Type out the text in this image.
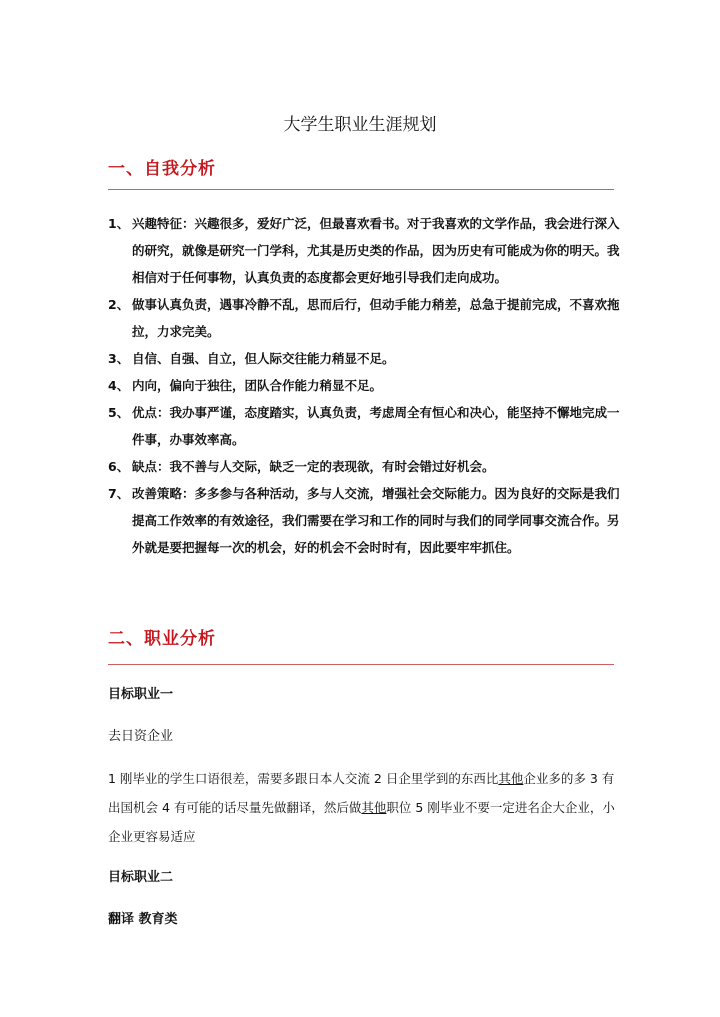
大学生职业生涯规划
一、自我分析
1、 兴趣特征：兴趣很多，爱好广泛，但最喜欢看书。对于我喜欢的文学作品，我会进行深入的研究，就像是研究一门学科，尤其是历史类的作品，因为历史有可能成为你的明天。我相信对于任何事物，认真负责的态度都会更好地引导我们走向成功。
2、 做事认真负责，遇事冷静不乱，思而后行，但动手能力稍差，总急于提前完成，不喜欢拖拉，力求完美。
3、 自信、自强、自立，但人际交往能力稍显不足。
4、 内向，偏向于独往，团队合作能力稍显不足。
5、 优点：我办事严谨，态度踏实，认真负责，考虑周全有恒心和决心，能坚持不懈地完成一件事，办事效率高。
6、 缺点：我不善与人交际，缺乏一定的表现欲，有时会错过好机会。
7、 改善策略：多多参与各种活动，多与人交流，增强社会交际能力。因为良好的交际是我们提高工作效率的有效途径，我们需要在学习和工作的同时与我们的同学同事交流合作。另外就是要把握每一次的机会，好的机会不会时时有，因此要牢牢抓住。
二、职业分析
目标职业一
去日资企业
1 刚毕业的学生口语很差，需要多跟日本人交流 2 日企里学到的东西比其他企业多的多 3 有出国机会 4 有可能的话尽量先做翻译，然后做其他职位 5 刚毕业不要一定进名企大企业，小企业更容易适应
目标职业二
翻译 教育类
